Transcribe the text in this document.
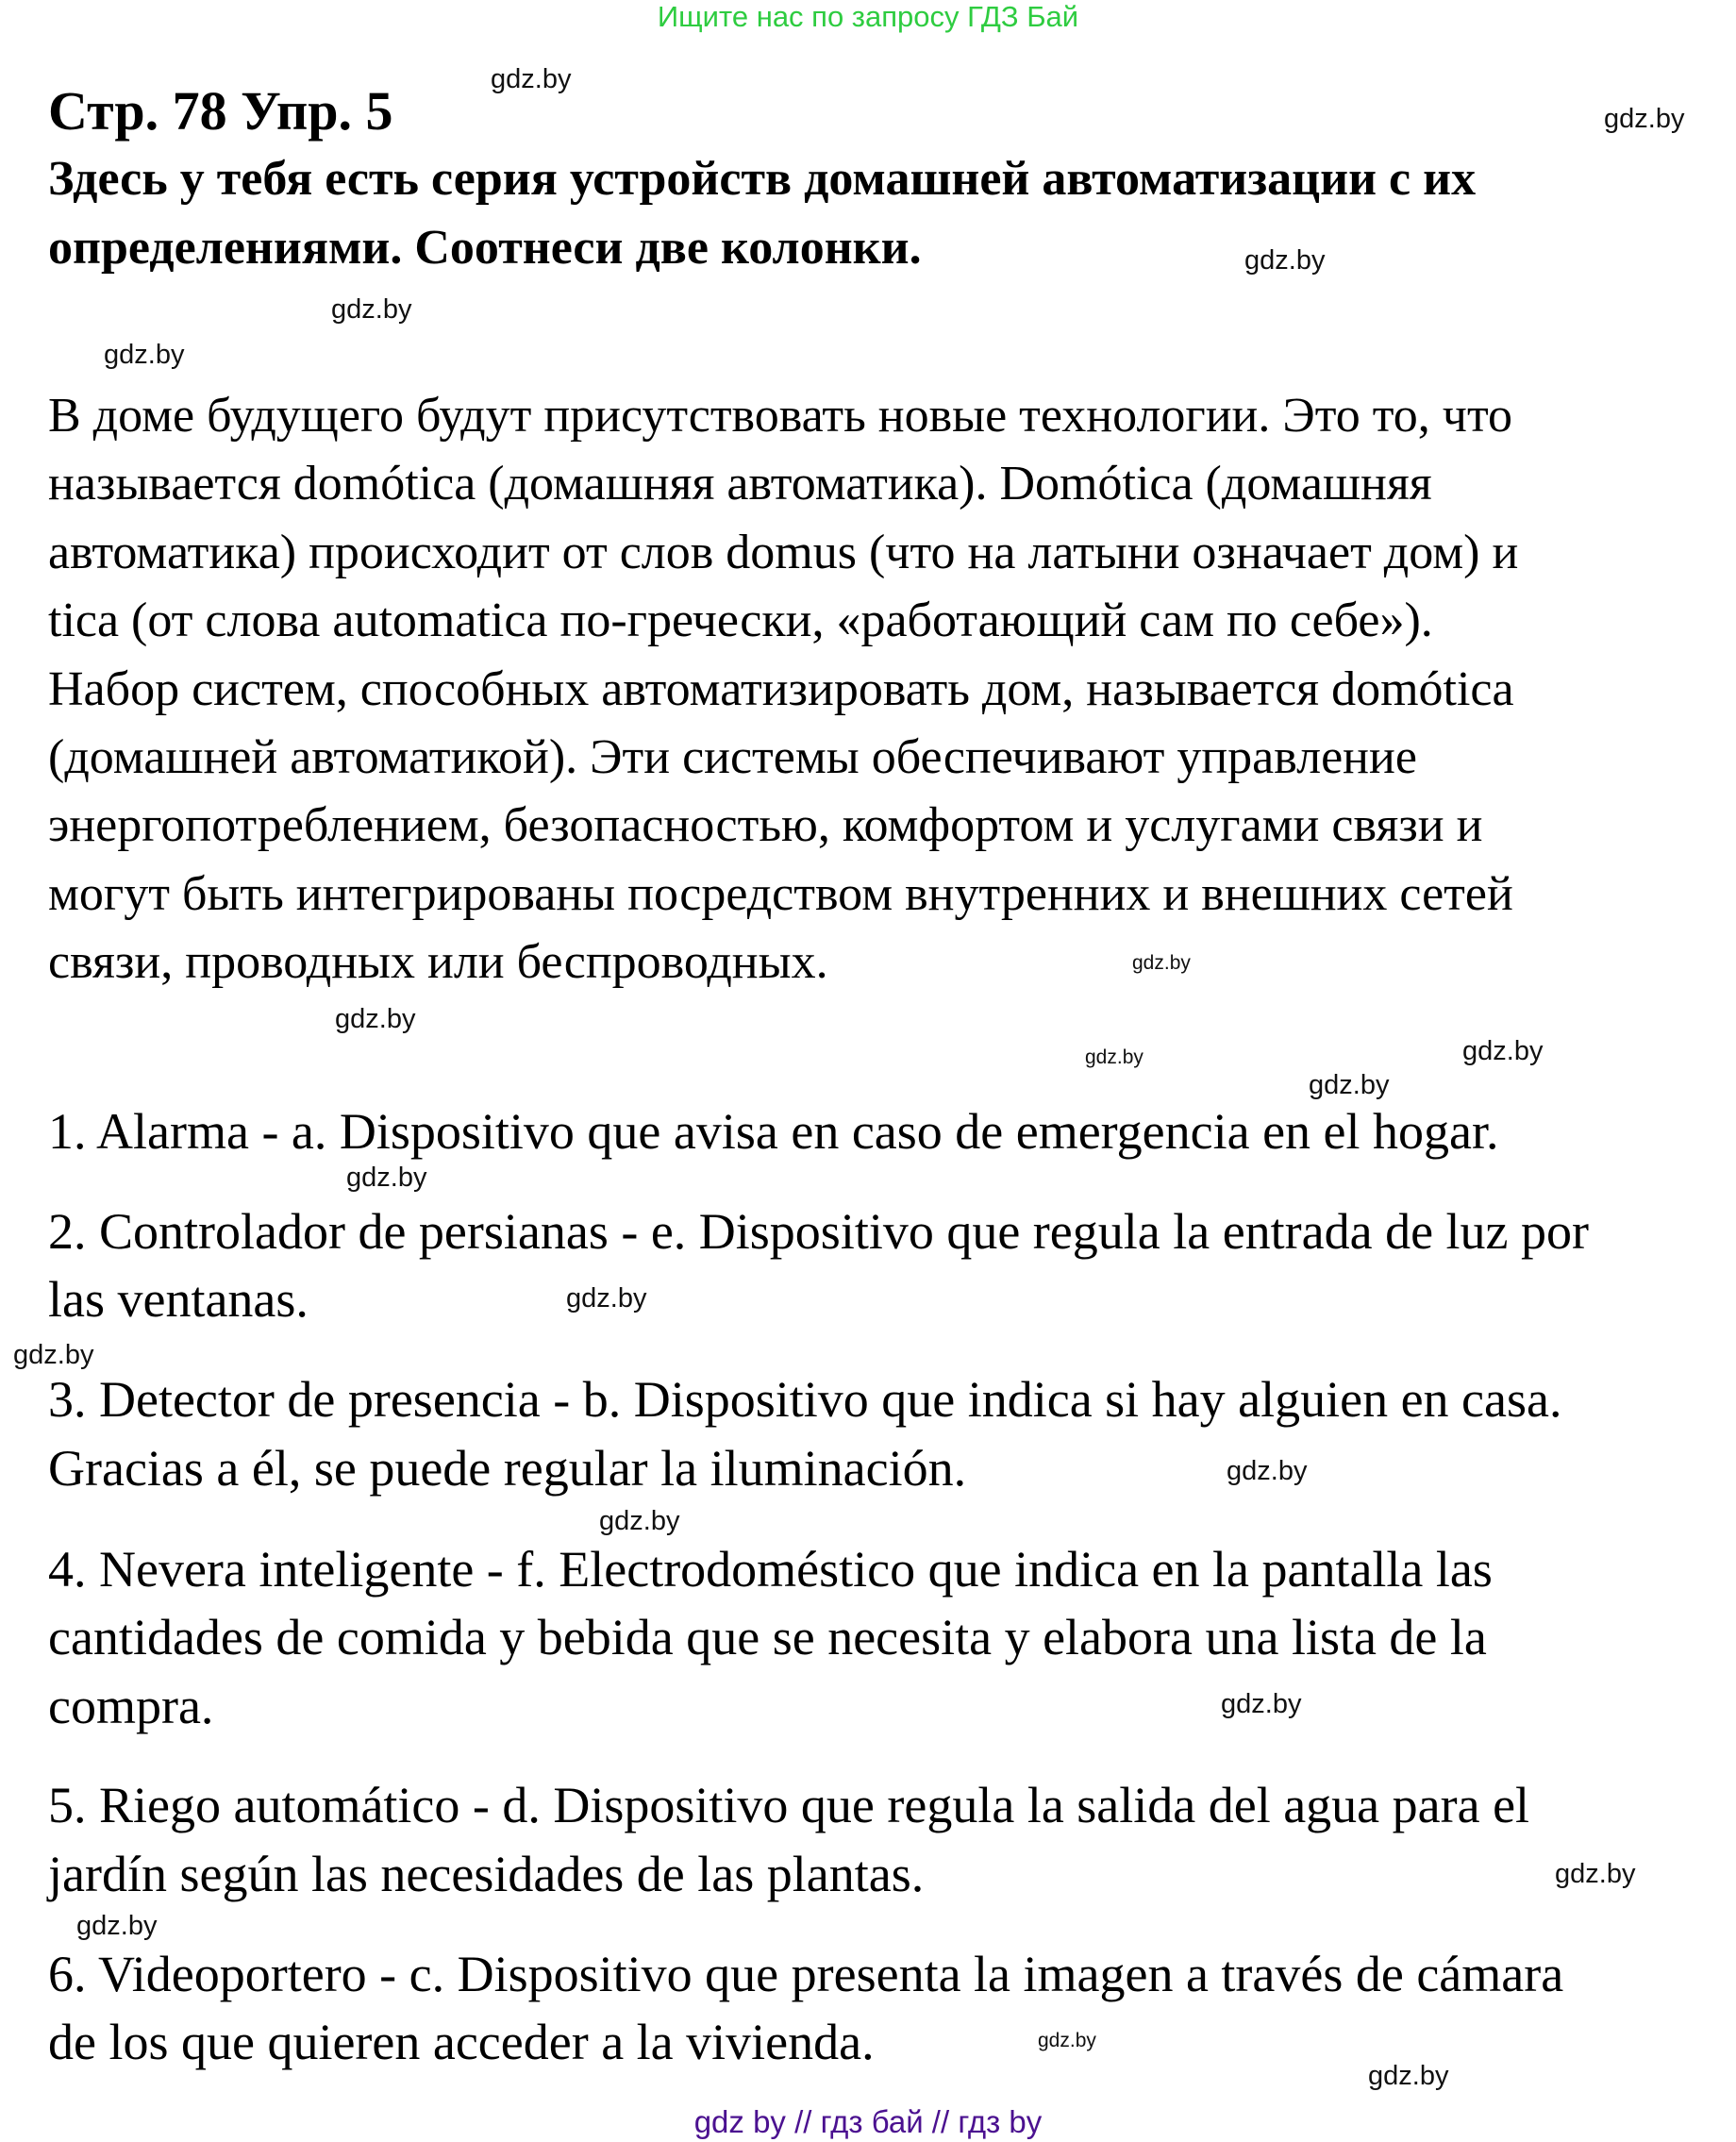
Ищите нас по запросу ГДЗ Бай
Стр. 78 Упр. 5
Здесь у тебя есть серия устройств домашней автоматизации с их
определениями. Соотнеси две колонки.
В доме будущего будут присутствовать новые технологии. Это то, что
называется domótica (домашняя автоматика). Domótica (домашняя
автоматика) происходит от слов domus (что на латыни означает дом) и
tica (от слова automatica по-гречески, «работающий сам по себе»).
Набор систем, способных автоматизировать дом, называется domótica
(домашней автоматикой). Эти системы обеспечивают управление
энергопотреблением, безопасностью, комфортом и услугами связи и
могут быть интегрированы посредством внутренних и внешних сетей
связи, проводных или беспроводных.
1. Alarma - a. Dispositivo que avisa en caso de emergencia en el hogar.
2. Controlador de persianas - e. Dispositivo que regula la entrada de luz por
las ventanas.
3. Detector de presencia - b. Dispositivo que indica si hay alguien en casa.
Gracias a él, se puede regular la iluminación.
4. Nevera inteligente - f. Electrodoméstico que indica en la pantalla las
cantidades de comida y bebida que se necesita y elabora una lista de la
compra.
5. Riego automático - d. Dispositivo que regula la salida del agua para el
jardín según las necesidades de las plantas.
6. Videoportero - c. Dispositivo que presenta la imagen a través de cámara
de los que quieren acceder a la vivienda.
gdz.by
gdz.by
gdz.by
gdz.by
gdz.by
gdz.by
gdz.by	gdz.by
gdz.by
gdz.by
gdz.by
gdz.by
gdz.by
gdz.by
gdz.by
gdz.by
gdz.by
gdz.by
gdz.by
gdz.by
gdz by // гдз бай // гдз by
